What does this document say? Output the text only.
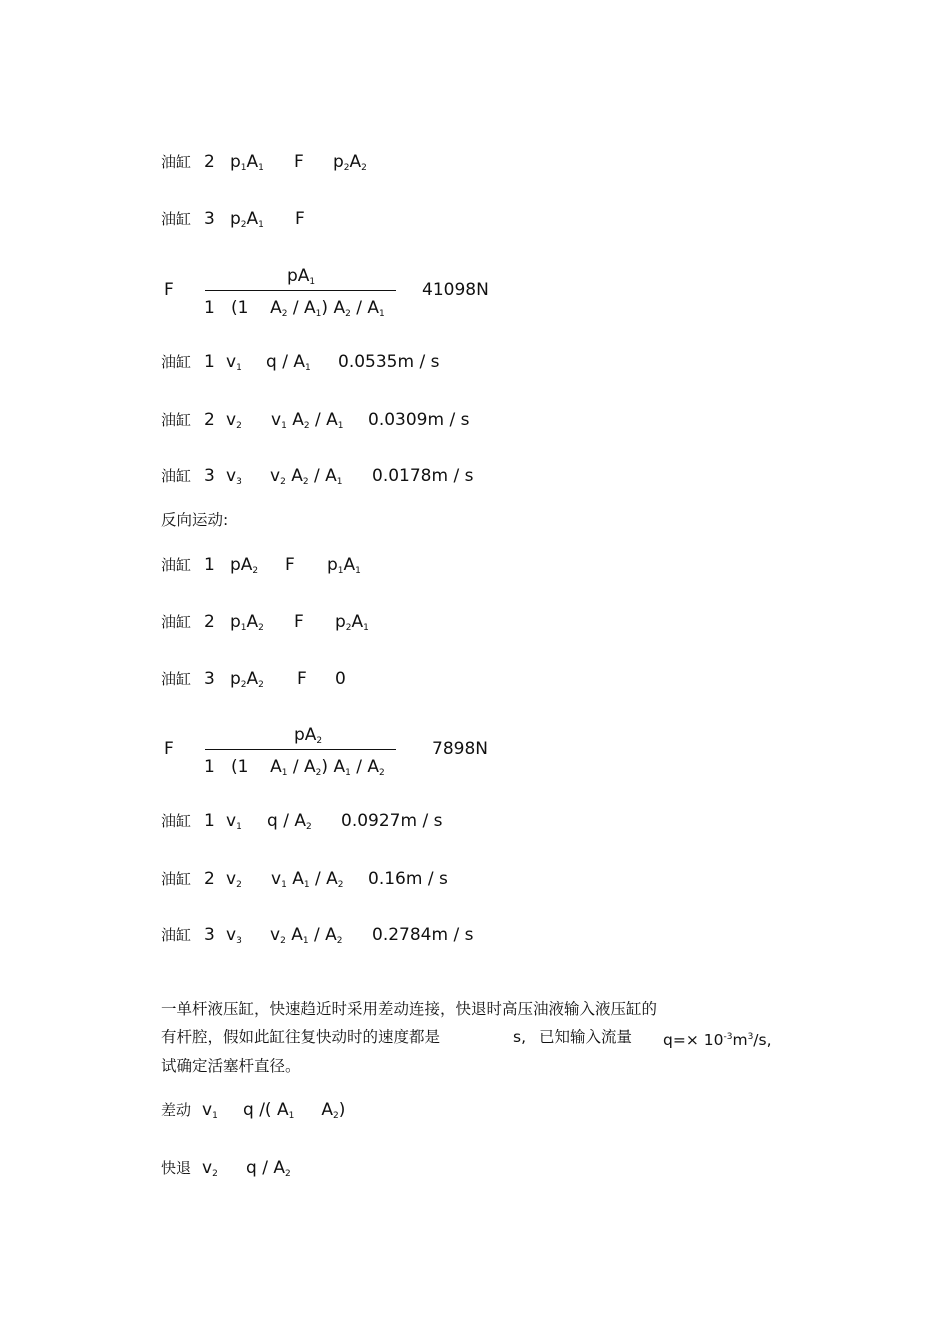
油缸 2 $p_1A_1$ F $p_2A_2$
油缸 3 $p_2A_1$ F
F
$pA_1$
1 (1 $A_2 / A_1$) $A_2 / A_1$
41098N
油缸 1 $v_1$ q / $A_1$ 0.0535m / s
油缸 2 $v_2$ $v_1$ $A_2 / A_1$ 0.0309m / s
油缸 3 $v_3$ $v_2$ $A_2 / A_1$ 0.0178m / s
反向运动:
油缸 1 $pA_2$ F $p_1A_1$
油缸 2 $p_1A_2$ F $p_2A_1$
油缸 3 $p_2A_2$ F 0
F
$pA_2$
1 (1 $A_1 / A_2$) $A_1 / A_2$
7898N
油缸 1 $v_1$ q / $A_2$ 0.0927m / s
油缸 2 $v_2$ $v_1$ $A_1 / A_2$ 0.16m / s
油缸 3 $v_3$ $v_2$ $A_1 / A_2$ 0.2784m / s
一单杆液压缸，快速趋近时采用差动连接，快退时高压油液输入液压缸的
有杆腔，假如此缸往复快动时的速度都是	s, 已知输入流量 $q=\times 10^{-3}m^3/s$,
试确定活塞杆直径。
差动 $v_1$ q /( $A_1$ $A_2$)
快退 $v_2$ q / $A_2$
